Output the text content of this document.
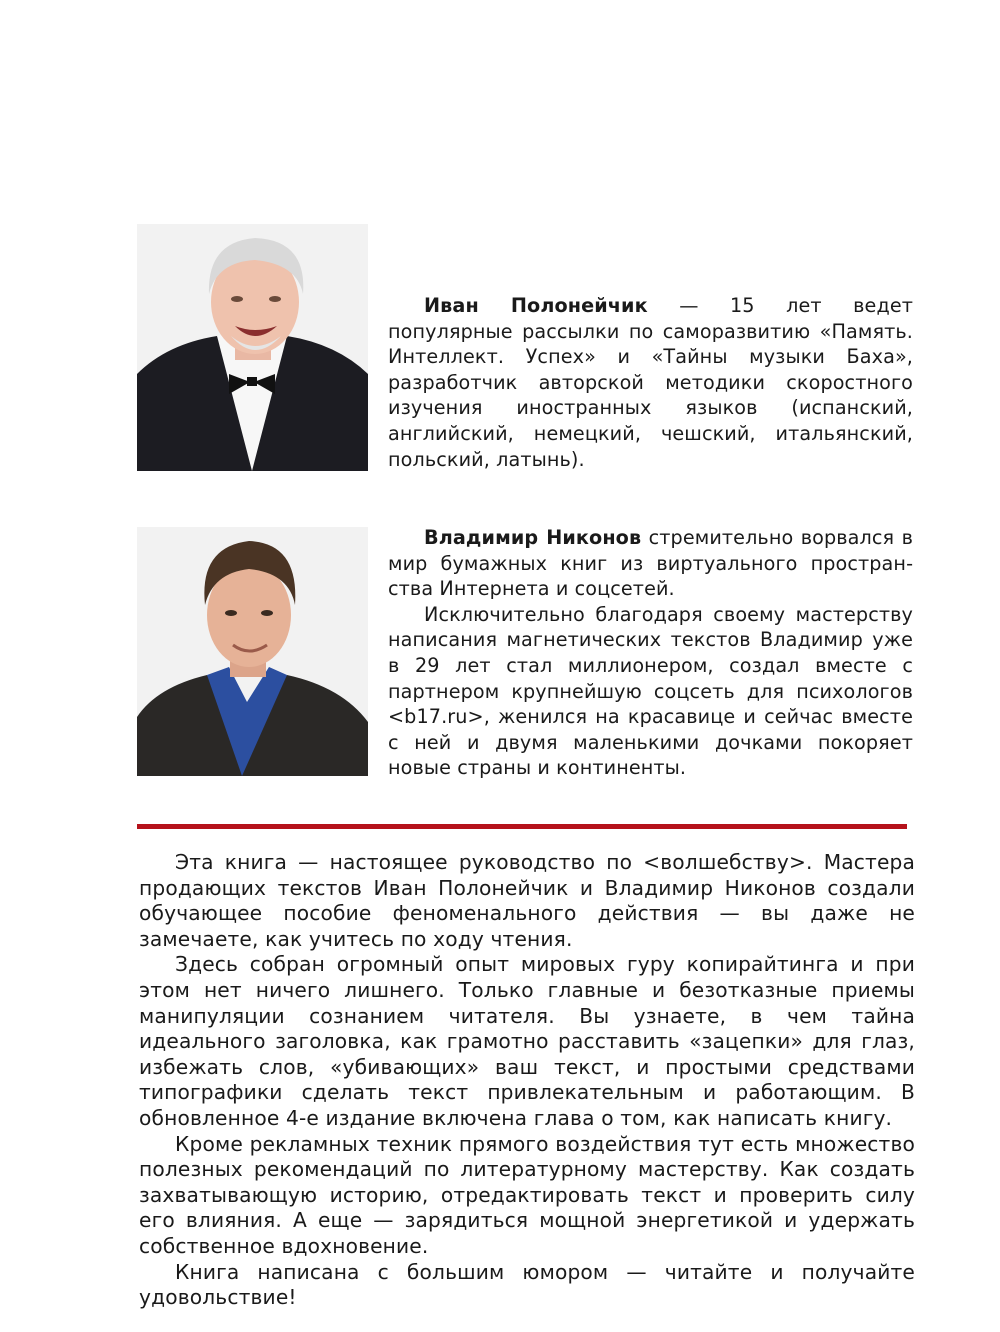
Иван Полонейчик — 15 лет ведет популярные рассылки по саморазвитию «Память. Интеллект. Успех» и «Тайны музыки Баха», разработчик авторской методики скоростного изучения иностранных языков (испанский, английский, немецкий, чешский, итальянский, польский, латынь).

Владимир Никонов стремительно ворвался в мир бумажных книг из виртуального пространства Интернета и соцсетей.

Исключительно благодаря своему мастерству написания магнетических текстов Владимир уже в 29 лет стал миллионером, создал вместе с партнером крупнейшую соцсеть для психологов <b17.ru>, женился на красавице и сейчас вместе с ней и двумя маленькими дочками покоряет новые страны и континенты.

Эта книга — настоящее руководство по <волшебству>. Мастера продающих текстов Иван Полонейчик и Владимир Никонов создали обучающее пособие феноменального действия — вы даже не замечаете, как учитесь по ходу чтения.

Здесь собран огромный опыт мировых гуру копирайтинга и при этом нет ничего лишнего. Только главные и безотказные приемы манипуляции сознанием читателя. Вы узнаете, в чем тайна идеального заголовка, как грамотно расставить «зацепки» для глаз, избежать слов, «убивающих» ваш текст, и простыми средствами типографики сделать текст привлекательным и работающим. В обновленное 4-е издание включена глава о том, как написать книгу.

Кроме рекламных техник прямого воздействия тут есть множество полезных рекомендаций по литературному мастерству. Как создать захватывающую историю, отредактировать текст и проверить силу его влияния. А еще — зарядиться мощной энергетикой и удержать собственное вдохновение.

Книга написана с большим юмором — читайте и получайте удовольствие!
